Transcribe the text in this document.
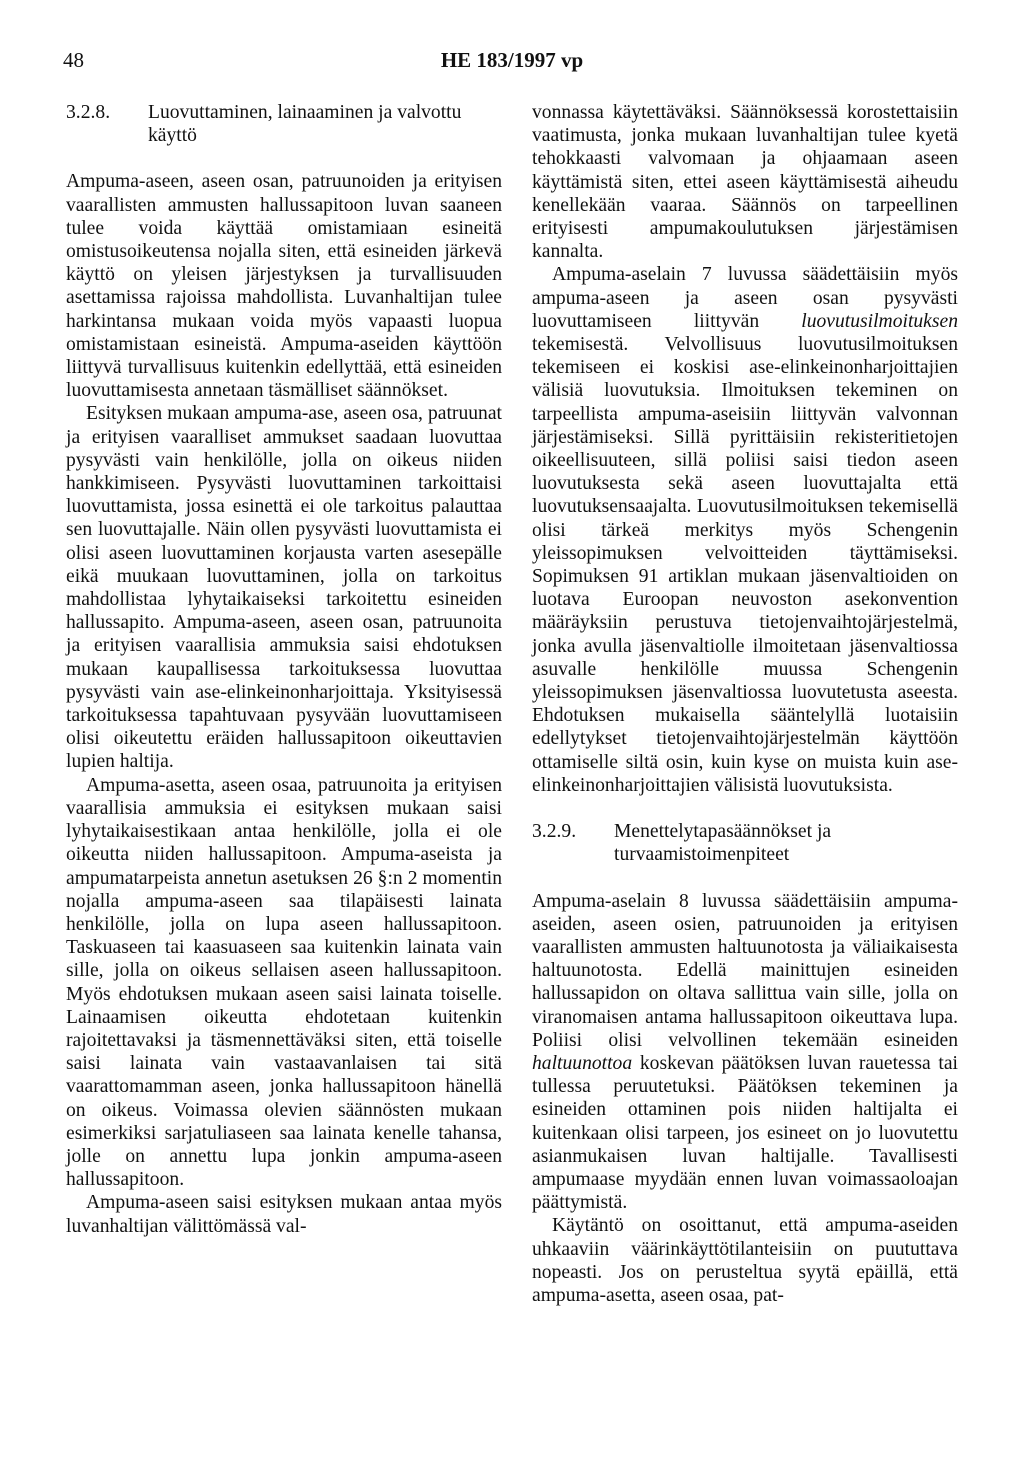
48	HE 183/1997 vp
3.2.8.	Luovuttaminen, lainaaminen ja valvottu käyttö

Ampuma-aseen, aseen osan, patruunoiden ja erityisen vaarallisten ammusten hallussapitoon luvan saaneen tulee voida käyttää omistamiaan esineitä omistusoikeutensa nojalla siten, että esineiden järkevä käyttö on yleisen järjestyksen ja turvallisuuden asettamissa rajoissa mahdollista. Luvanhaltijan tulee harkintansa mukaan voida myös vapaasti luopua omistamistaan esineistä. Ampuma-aseiden käyttöön liittyvä turvallisuus kuitenkin edellyttää, että esineiden luovuttamisesta annetaan täsmälliset säännökset.

Esityksen mukaan ampuma-ase, aseen osa, patruunat ja erityisen vaaralliset ammukset saadaan luovuttaa pysyvästi vain henkilölle, jolla on oikeus niiden hankkimiseen. Pysyvästi luovuttaminen tarkoittaisi luovuttamista, jossa esinettä ei ole tarkoitus palauttaa sen luovuttajalle. Näin ollen pysyvästi luovuttamista ei olisi aseen luovuttaminen korjausta varten asesepälle eikä muukaan luovuttaminen, jolla on tarkoitus mahdollistaa lyhytaikaiseksi tarkoitettu esineiden hallussapito. Ampuma-aseen, aseen osan, patruunoita ja erityisen vaarallisia ammuksia saisi ehdotuksen mukaan kaupallisessa tarkoituksessa luovuttaa pysyvästi vain ase-elinkeinonharjoittaja. Yksityisessä tarkoituksessa tapahtuvaan pysyvään luovuttamiseen olisi oikeutettu eräiden hallussapitoon oikeuttavien lupien haltija.

Ampuma-asetta, aseen osaa, patruunoita ja erityisen vaarallisia ammuksia ei esityksen mukaan saisi lyhytaikaisestikaan antaa henkilölle, jolla ei ole oikeutta niiden hallussapitoon. Ampuma-aseista ja ampumatarpeista annetun asetuksen 26 §:n 2 momentin nojalla ampuma-aseen saa tilapäisesti lainata henkilölle, jolla on lupa aseen hallussapitoon. Taskuaseen tai kaasuaseen saa kuitenkin lainata vain sille, jolla on oikeus sellaisen aseen hallussapitoon. Myös ehdotuksen mukaan aseen saisi lainata toiselle. Lainaamisen oikeutta ehdotetaan kuitenkin rajoitettavaksi ja täsmennettäväksi siten, että toiselle saisi lainata vain vastaavanlaisen tai sitä vaarattomamman aseen, jonka hallussapitoon hänellä on oikeus. Voimassa olevien säännösten mukaan esimerkiksi sarjatuliaseen saa lainata kenelle tahansa, jolle on annettu lupa jonkin ampuma-aseen hallussapitoon.

Ampuma-aseen saisi esityksen mukaan antaa myös luvanhaltijan välittömässä val-

vonnassa käytettäväksi. Säännöksessä korostettaisiin vaatimusta, jonka mukaan luvanhaltijan tulee kyetä tehokkaasti valvomaan ja ohjaamaan aseen käyttämistä siten, ettei aseen käyttämisestä aiheudu kenellekään vaaraa. Säännös on tarpeellinen erityisesti ampumakoulutuksen järjestämisen kannalta.

Ampuma-aselain 7 luvussa säädettäisiin myös ampuma-aseen ja aseen osan pysyvästi luovuttamiseen liittyvän luovutusilmoituksen tekemisestä. Velvollisuus luovutusilmoituksen tekemiseen ei koskisi ase-elinkeinonharjoittajien välisiä luovutuksia. Ilmoituksen tekeminen on tarpeellista ampuma-aseisiin liittyvän valvonnan järjestämiseksi. Sillä pyrittäisiin rekisteritietojen oikeellisuuteen, sillä poliisi saisi tiedon aseen luovutuksesta sekä aseen luovuttajalta että luovutuksensaajalta. Luovutusilmoituksen tekemisellä olisi tärkeä merkitys myös Schengenin yleissopimuksen velvoitteiden täyttämiseksi. Sopimuksen 91 artiklan mukaan jäsenvaltioiden on luotava Euroopan neuvoston asekonvention määräyksiin perustuva tietojenvaihtojärjestelmä, jonka avulla jäsenvaltiolle ilmoitetaan jäsenvaltiossa asuvalle henkilölle muussa Schengenin yleissopimuksen jäsenvaltiossa luovutetusta aseesta. Ehdotuksen mukaisella sääntelyllä luotaisiin edellytykset tietojenvaihtojärjestelmän käyttöön ottamiselle siltä osin, kuin kyse on muista kuin ase-elinkeinonharjoittajien välisistä luovutuksista.

3.2.9.	Menettelytapasäännökset ja turvaamistoimenpiteet

Ampuma-aselain 8 luvussa säädettäisiin ampuma-aseiden, aseen osien, patruunoiden ja erityisen vaarallisten ammusten haltuunotosta ja väliaikaisesta haltuunotosta. Edellä mainittujen esineiden hallussapidon on oltava sallittua vain sille, jolla on viranomaisen antama hallussapitoon oikeuttava lupa. Poliisi olisi velvollinen tekemään esineiden haltuunottoa koskevan päätöksen luvan rauetessa tai tullessa peruutetuksi. Päätöksen tekeminen ja esineiden ottaminen pois niiden haltijalta ei kuitenkaan olisi tarpeen, jos esineet on jo luovutettu asianmukaisen luvan haltijalle. Tavallisesti ampumaase myydään ennen luvan voimassaoloajan päättymistä.

Käytäntö on osoittanut, että ampuma-aseiden uhkaaviin väärinkäyttötilanteisiin on puututtava nopeasti. Jos on perusteltua syytä epäillä, että ampuma-asetta, aseen osaa, pat-
